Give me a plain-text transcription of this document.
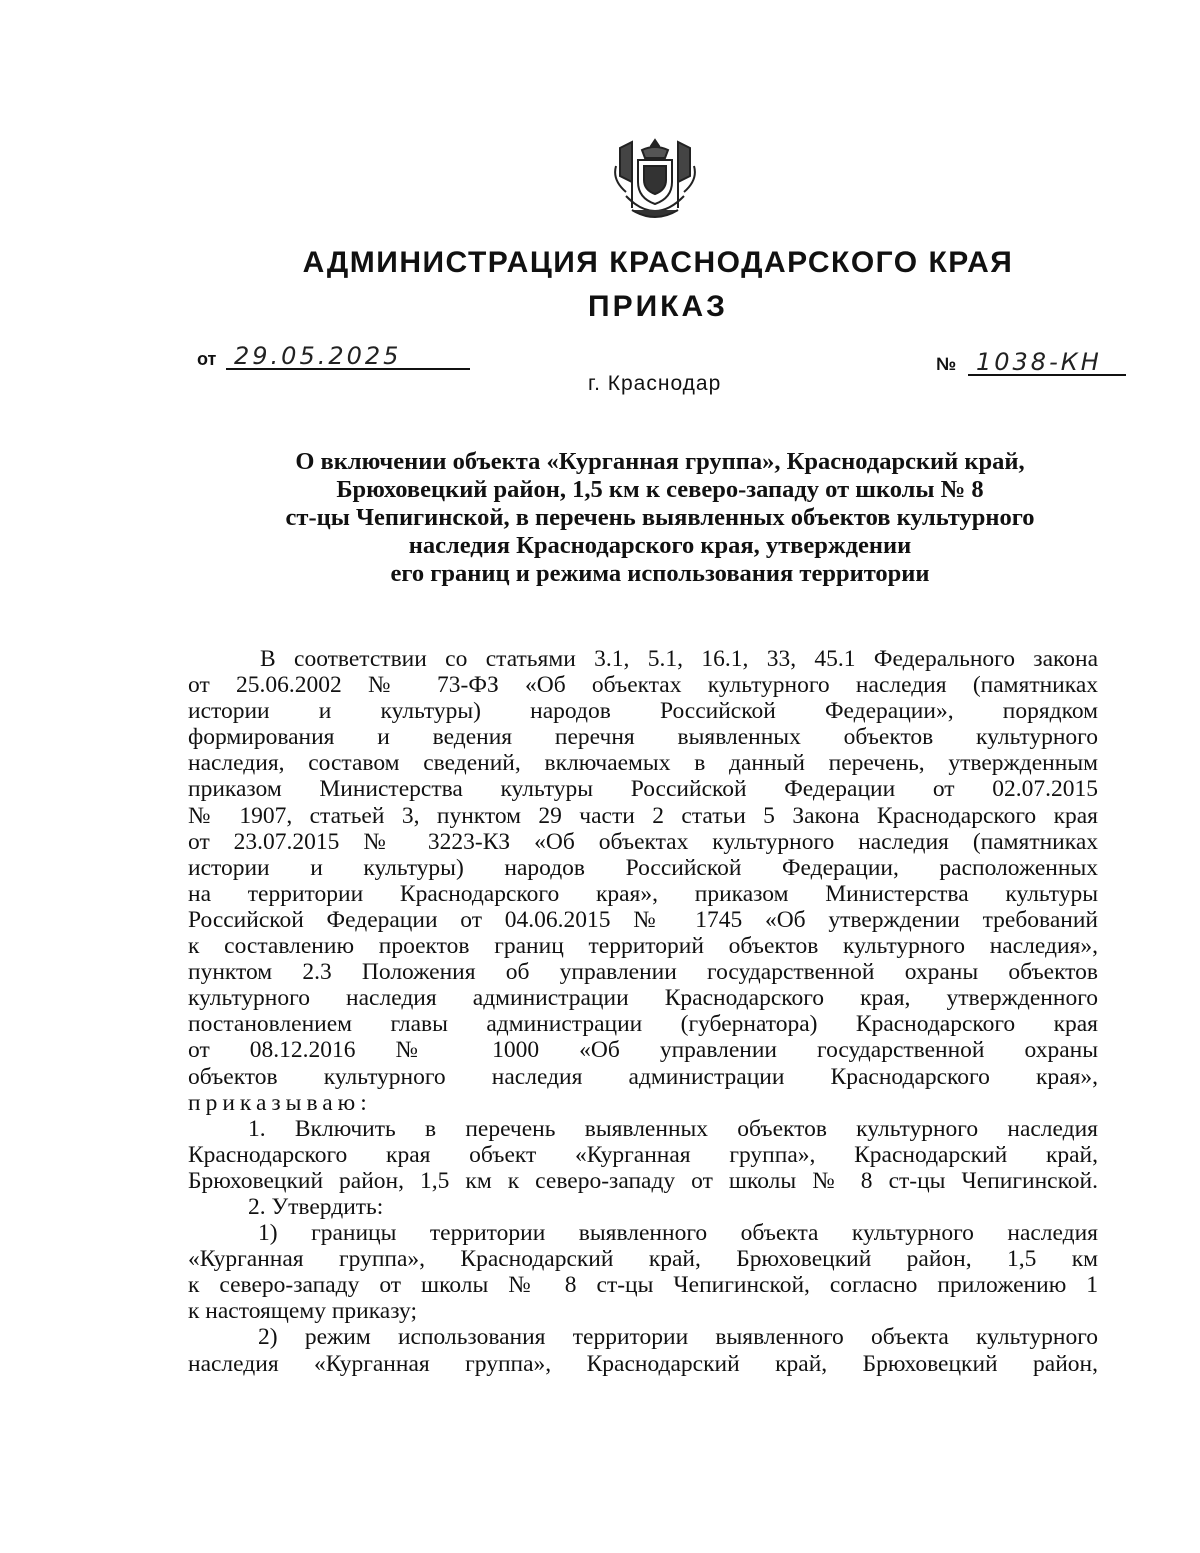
АДМИНИСТРАЦИЯ КРАСНОДАРСКОГО КРАЯ
ПРИКАЗ
от 29.05.2025	№ 1038-КН
г. Краснодар
О включении объекта «Курганная группа», Краснодарский край,
Брюховецкий район, 1,5 км к северо-западу от школы № 8
ст-цы Чепигинской, в перечень выявленных объектов культурного
наследия Краснодарского края, утверждении
его границ и режима использования территории
В соответствии со статьями 3.1, 5.1, 16.1, 33, 45.1 Федерального закона
от 25.06.2002 № 73-ФЗ «Об объектах культурного наследия (памятниках
истории и культуры) народов Российской Федерации», порядком
формирования и ведения перечня выявленных объектов культурного
наследия, составом сведений, включаемых в данный перечень, утвержденным
приказом Министерства культуры Российской Федерации от 02.07.2015
№ 1907, статьей 3, пунктом 29 части 2 статьи 5 Закона Краснодарского края
от 23.07.2015 № 3223-КЗ «Об объектах культурного наследия (памятниках
истории и культуры) народов Российской Федерации, расположенных
на территории Краснодарского края», приказом Министерства культуры
Российской Федерации от 04.06.2015 № 1745 «Об утверждении требований
к составлению проектов границ территорий объектов культурного наследия»,
пунктом 2.3 Положения об управлении государственной охраны объектов
культурного наследия администрации Краснодарского края, утвержденного
постановлением главы администрации (губернатора) Краснодарского края
от 08.12.2016 № 1000 «Об управлении государственной охраны
объектов культурного наследия администрации Краснодарского края»,
приказываю:
1. Включить в перечень выявленных объектов культурного наследия
Краснодарского края объект «Курганная группа», Краснодарский край,
Брюховецкий район, 1,5 км к северо-западу от школы № 8 ст-цы Чепигинской.
2. Утвердить:
1) границы территории выявленного объекта культурного наследия
«Курганная группа», Краснодарский край, Брюховецкий район, 1,5 км
к северо-западу от школы № 8 ст-цы Чепигинской, согласно приложению 1
к настоящему приказу;
2) режим использования территории выявленного объекта культурного
наследия «Курганная группа», Краснодарский край, Брюховецкий район,
